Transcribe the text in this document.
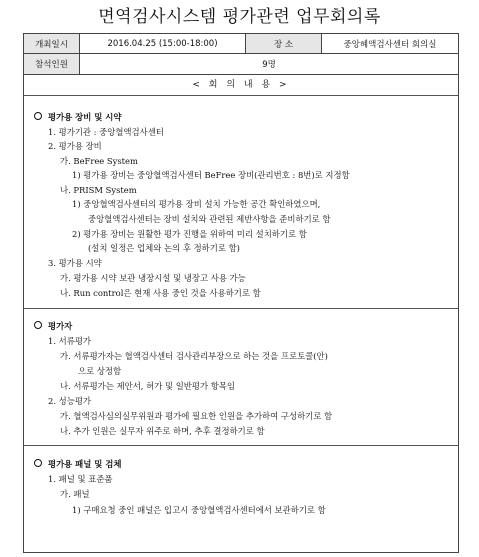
면역검사시스템 평가관련 업무회의록
개최일시	2016.04.25 (15:00-18:00)	장 소	중앙혜액검사센터 회의실
참석인원	9명
< 회 의 내 용 >
평가용 장비 및 시약
1. 평가기관 : 중앙혈액검사센터
2. 평가용 장비
가. BeFree System
1) 평가용 장비는 중앙혈액검사센터 BeFree 장비(관리번호 : 8번)로 지정함
나. PRISM System
1) 중앙혈액검사센터의 평가용 장비 설치 가능한 공간 확인하였으며,
중앙혈액검사센터는 장비 설치와 관련된 제반사항을 준비하기로 함
2) 평가용 장비는 원활한 평가 진행을 위하여 미리 설치하기로 함
(설치 일정은 업체와 논의 후 정하기로 함)
3. 평가용 시약
가. 평가용 시약 보관 냉장시설 및 냉장고 사용 가능
나. Run control은 현재 사용 중인 것을 사용하기로 함
평가자
1. 서류평가
가. 서류평가자는 혈액검사센터 검사관리부장으로 하는 것을 프로토콜(안)
으로 상정함
나. 서류평가는 제안서, 허가 및 일반평가 항목임
2. 성능평가
가. 혈액검사심의실무위원과 평가에 필요한 인원을 추가하여 구성하기로 함
나. 추가 인원은 실무자 위주로 하며, 추후 결정하기로 함
평가용 패널 및 검체
1. 패널 및 표준품
가. 패널
1) 구매요청 중인 패널은 입고시 중앙혈액검사센터에서 보관하기로 함
